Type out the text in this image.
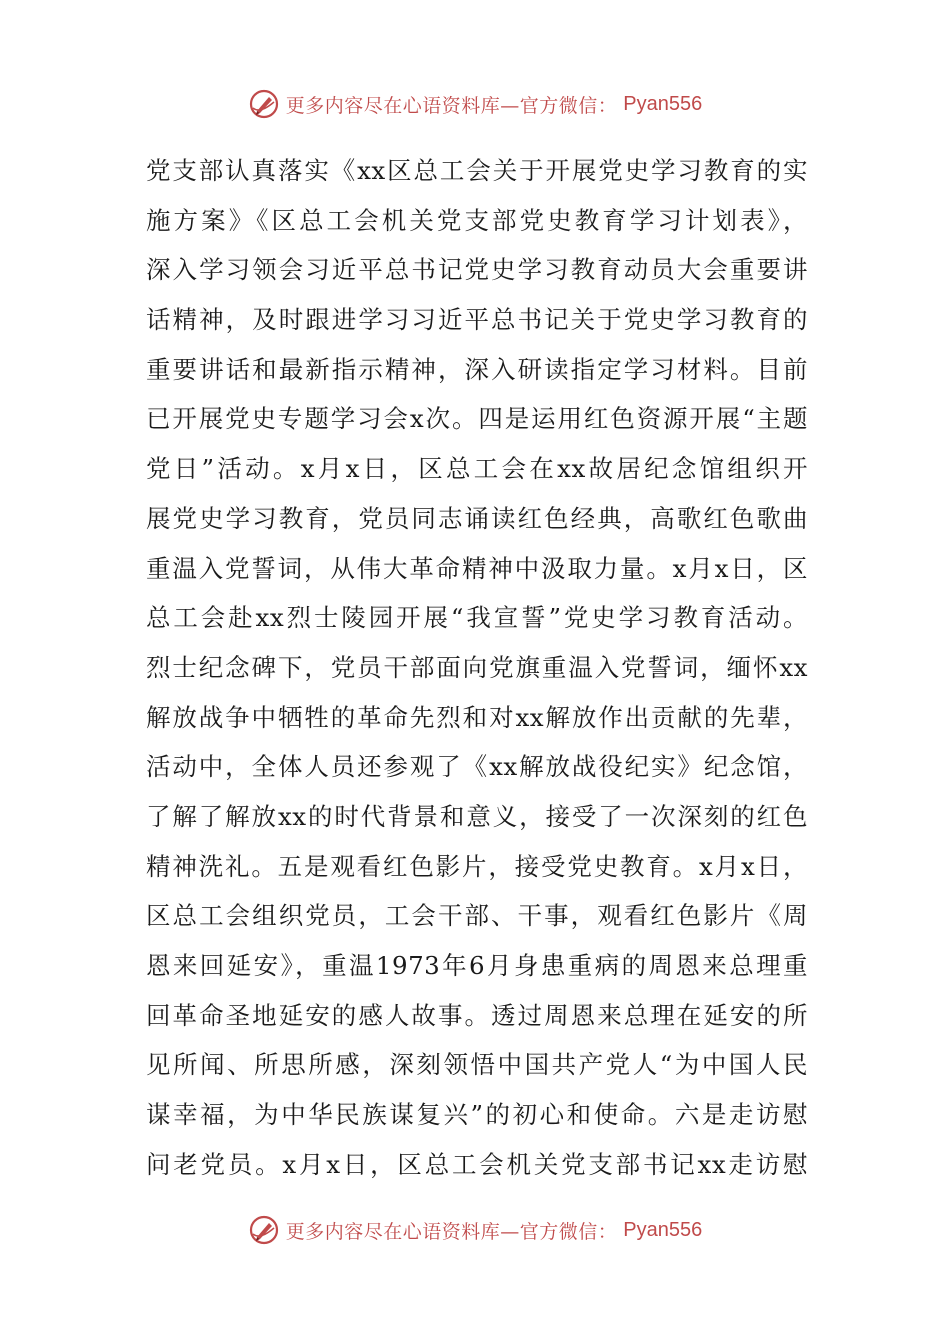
更多内容尽在心语资料库—官方微信： Pyan556
党支部认真落实《xx区总工会关于开展党史学习教育的实
施方案》《区总工会机关党支部党史教育学习计划表》，
深入学习领会习近平总书记党史学习教育动员大会重要讲
话精神，及时跟进学习习近平总书记关于党史学习教育的
重要讲话和最新指示精神，深入研读指定学习材料。目前
已开展党史专题学习会x次。四是运用红色资源开展“主题
党日”活动。x月x日，区总工会在xx故居纪念馆组织开
展党史学习教育，党员同志诵读红色经典，高歌红色歌曲
重温入党誓词，从伟大革命精神中汲取力量。x月x日，区
总工会赴xx烈士陵园开展“我宣誓”党史学习教育活动。
烈士纪念碑下，党员干部面向党旗重温入党誓词，缅怀xx
解放战争中牺牲的革命先烈和对xx解放作出贡献的先辈，
活动中，全体人员还参观了《xx解放战役纪实》纪念馆，
了解了解放xx的时代背景和意义，接受了一次深刻的红色
精神洗礼。五是观看红色影片，接受党史教育。x月x日，
区总工会组织党员，工会干部、干事，观看红色影片《周
恩来回延安》，重温1973年6月身患重病的周恩来总理重
回革命圣地延安的感人故事。透过周恩来总理在延安的所
见所闻、所思所感，深刻领悟中国共产党人“为中国人民
谋幸福，为中华民族谋复兴”的初心和使命。六是走访慰
问老党员。x月x日，区总工会机关党支部书记xx走访慰
更多内容尽在心语资料库—官方微信： Pyan556
